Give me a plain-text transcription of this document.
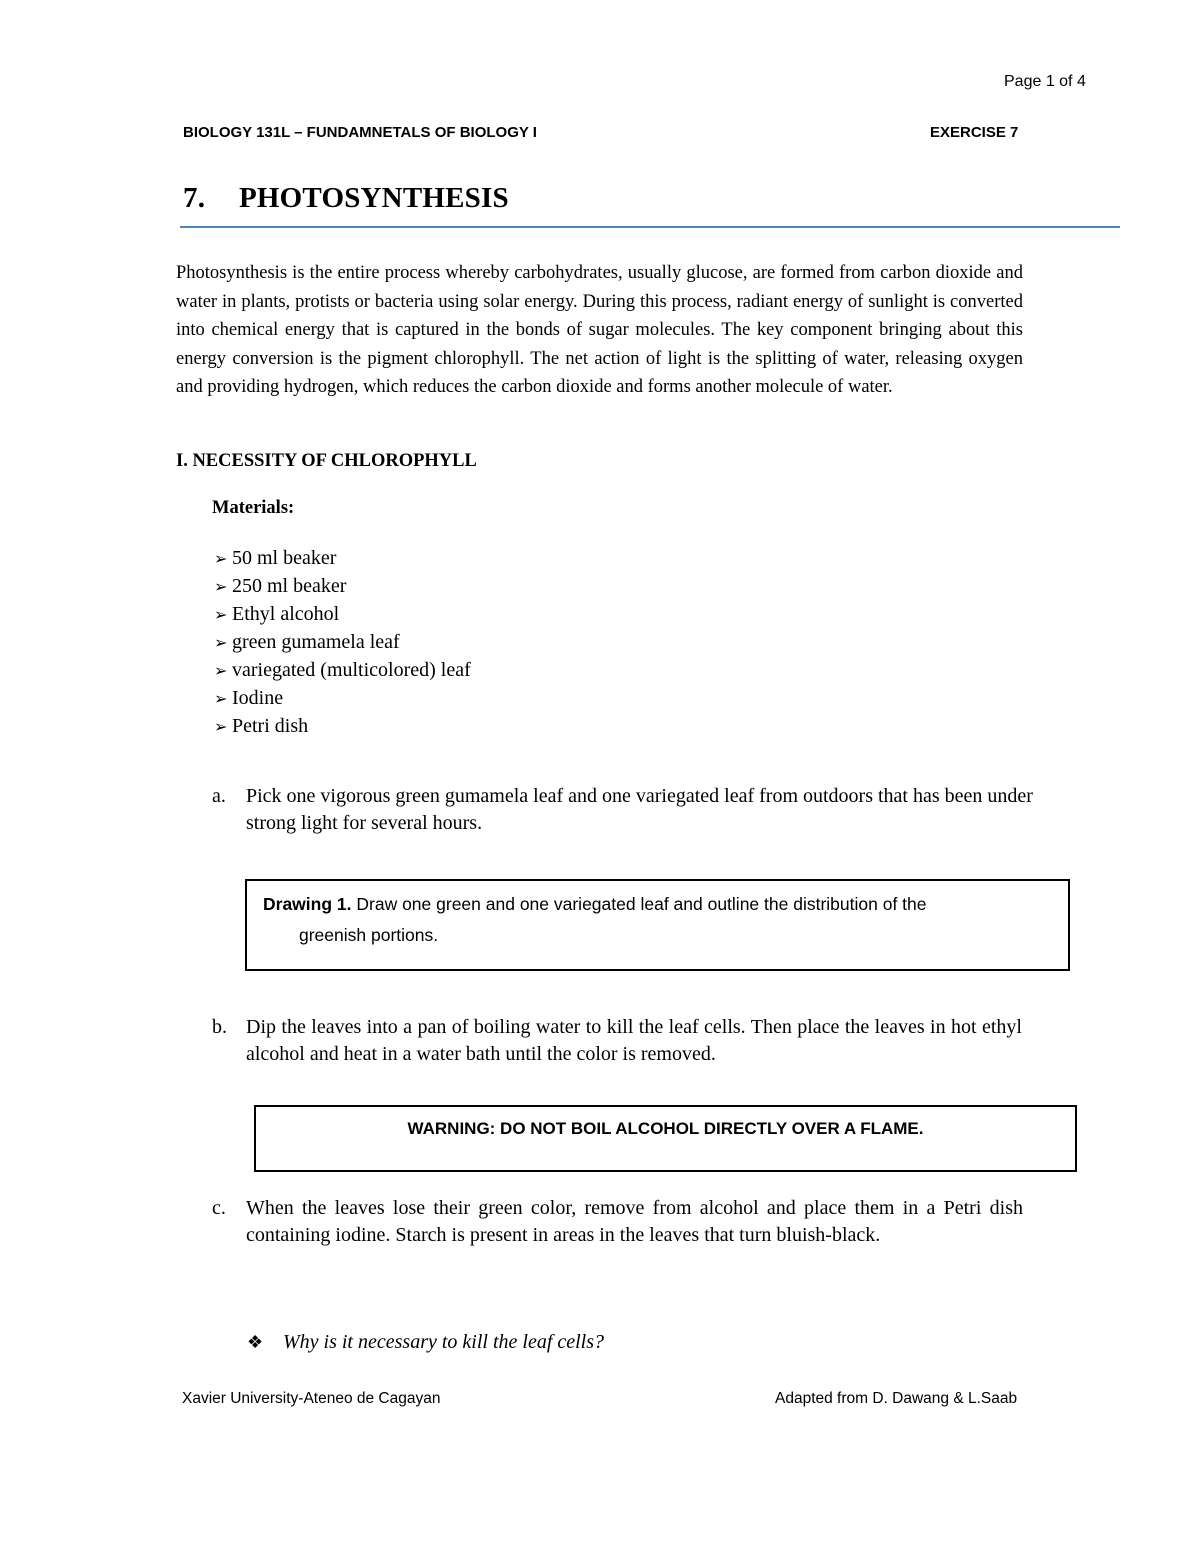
Page 1 of 4
BIOLOGY 131L – FUNDAMNETALS OF BIOLOGY I	EXERCISE 7
7. PHOTOSYNTHESIS
Photosynthesis is the entire process whereby carbohydrates, usually glucose, are formed from carbon dioxide and water in plants, protists or bacteria using solar energy. During this process, radiant energy of sunlight is converted into chemical energy that is captured in the bonds of sugar molecules. The key component bringing about this energy conversion is the pigment chlorophyll. The net action of light is the splitting of water, releasing oxygen and providing hydrogen, which reduces the carbon dioxide and forms another molecule of water.
I. NECESSITY OF CHLOROPHYLL
Materials:
➢ 50 ml beaker
➢ 250 ml beaker
➢ Ethyl alcohol
➢ green gumamela leaf
➢ variegated (multicolored) leaf
➢ Iodine
➢ Petri dish
a. Pick one vigorous green gumamela leaf and one variegated leaf from outdoors that has been under strong light for several hours.
Drawing 1. Draw one green and one variegated leaf and outline the distribution of the
greenish portions.
b. Dip the leaves into a pan of boiling water to kill the leaf cells. Then place the leaves in hot ethyl alcohol and heat in a water bath until the color is removed.
WARNING: DO NOT BOIL ALCOHOL DIRECTLY OVER A FLAME.
c. When the leaves lose their green color, remove from alcohol and place them in a Petri dish containing iodine. Starch is present in areas in the leaves that turn bluish-black.
❖ Why is it necessary to kill the leaf cells?
Xavier University-Ateneo de Cagayan	Adapted from D. Dawang & L.Saab
